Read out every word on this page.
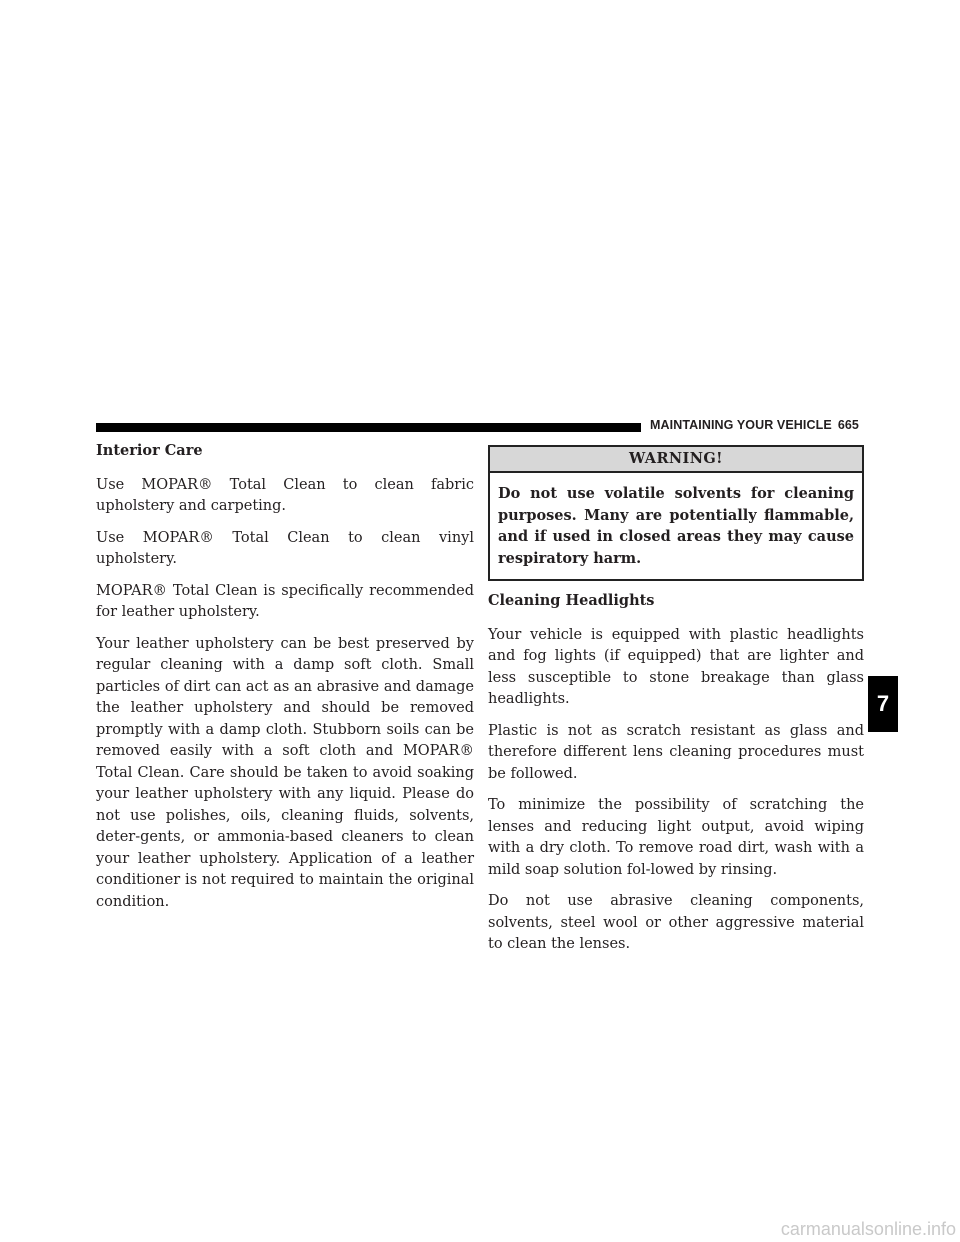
MAINTAINING YOUR VEHICLE 665
Interior Care

Use MOPAR® Total Clean to clean fabric upholstery and carpeting.

Use MOPAR® Total Clean to clean vinyl upholstery.

MOPAR® Total Clean is specifically recommended for leather upholstery.

Your leather upholstery can be best preserved by regular cleaning with a damp soft cloth. Small particles of dirt can act as an abrasive and damage the leather upholstery and should be removed promptly with a damp cloth. Stubborn soils can be removed easily with a soft cloth and MOPAR® Total Clean. Care should be taken to avoid soaking your leather upholstery with any liquid. Please do not use polishes, oils, cleaning fluids, solvents, deter-gents, or ammonia-based cleaners to clean your leather upholstery. Application of a leather conditioner is not required to maintain the original condition.

WARNING!
Do not use volatile solvents for cleaning purposes. Many are potentially flammable, and if used in closed areas they may cause respiratory harm.
Cleaning Headlights

Your vehicle is equipped with plastic headlights and fog lights (if equipped) that are lighter and less susceptible to stone breakage than glass headlights.

Plastic is not as scratch resistant as glass and therefore different lens cleaning procedures must be followed.

To minimize the possibility of scratching the lenses and reducing light output, avoid wiping with a dry cloth. To remove road dirt, wash with a mild soap solution fol-lowed by rinsing.

Do not use abrasive cleaning components, solvents, steel wool or other aggressive material to clean the lenses.

7
carmanualsonline.info
